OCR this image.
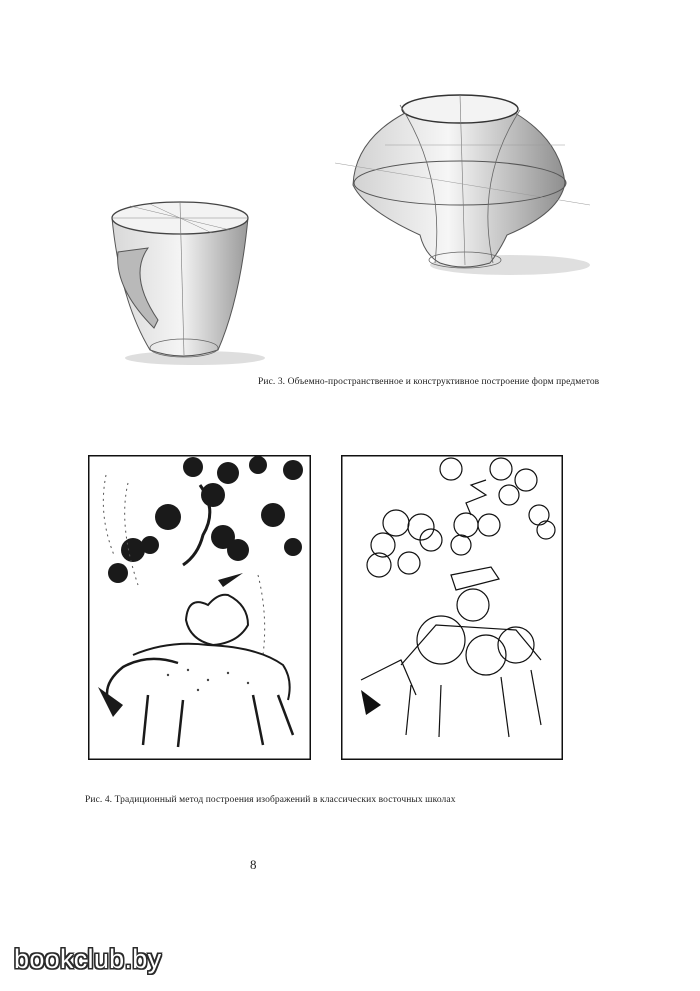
Рис. 3. Объемно-пространственное и конструктивное построение форм предметов
Рис. 4. Традиционный метод построения изображений в классических восточных школах
8
bookclub.by
